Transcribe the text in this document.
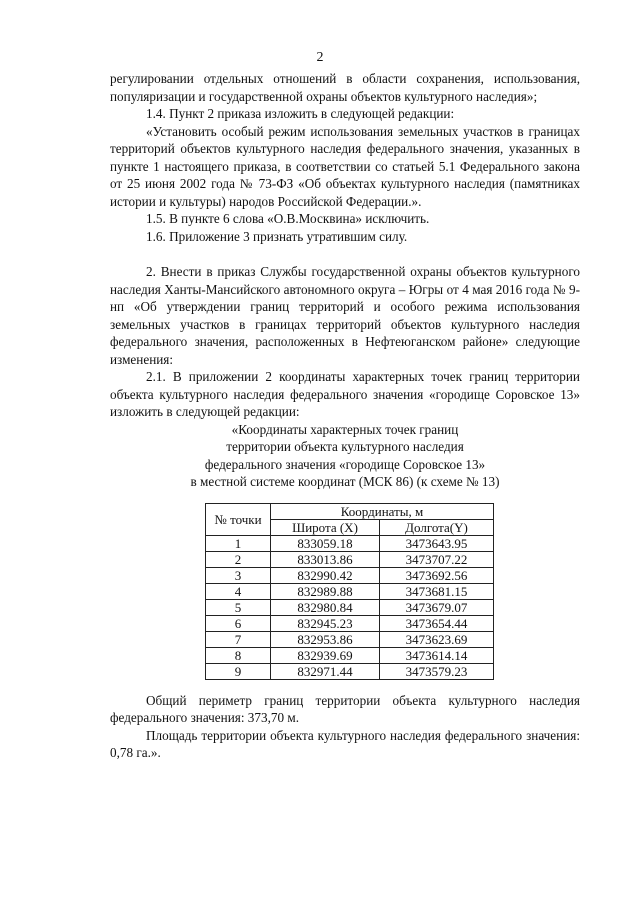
2

регулировании отдельных отношений в области сохранения, использования, популяризации и государственной охраны объектов культурного наследия»;

1.4. Пункт 2 приказа изложить в следующей редакции:

«Установить особый режим использования земельных участков в границах территорий объектов культурного наследия федерального значения, указанных в пункте 1 настоящего приказа, в соответствии со статьей 5.1 Федерального закона от 25 июня 2002 года № 73-ФЗ «Об объектах культурного наследия (памятниках истории и культуры) народов Российской Федерации.».

1.5. В пункте 6 слова «О.В.Москвина» исключить.

1.6. Приложение 3 признать утратившим силу.

2. Внести в приказ Службы государственной охраны объектов культурного наследия Ханты-Мансийского автономного округа – Югры от 4 мая 2016 года № 9-нп «Об утверждении границ территорий и особого режима использования земельных участков в границах территорий объектов культурного наследия федерального значения, расположенных в Нефтеюганском районе» следующие изменения:

2.1. В приложении 2 координаты характерных точек границ территории объекта культурного наследия федерального значения «городище Соровское 13» изложить в следующей редакции:

«Координаты характерных точек границ

территории объекта культурного наследия

федерального значения «городище Соровское 13»

в местной системе координат (МСК 86) (к схеме № 13)

№ точки	Координаты, м	
	Широта (X)	Долгота(Y)
1	833059.18	3473643.95
2	833013.86	3473707.22
3	832990.42	3473692.56
4	832989.88	3473681.15
5	832980.84	3473679.07
6	832945.23	3473654.44
7	832953.86	3473623.69
8	832939.69	3473614.14
9	832971.44	3473579.23

Общий периметр границ территории объекта культурного наследия федерального значения: 373,70 м.

Площадь территории объекта культурного наследия федерального значения: 0,78 га.».
